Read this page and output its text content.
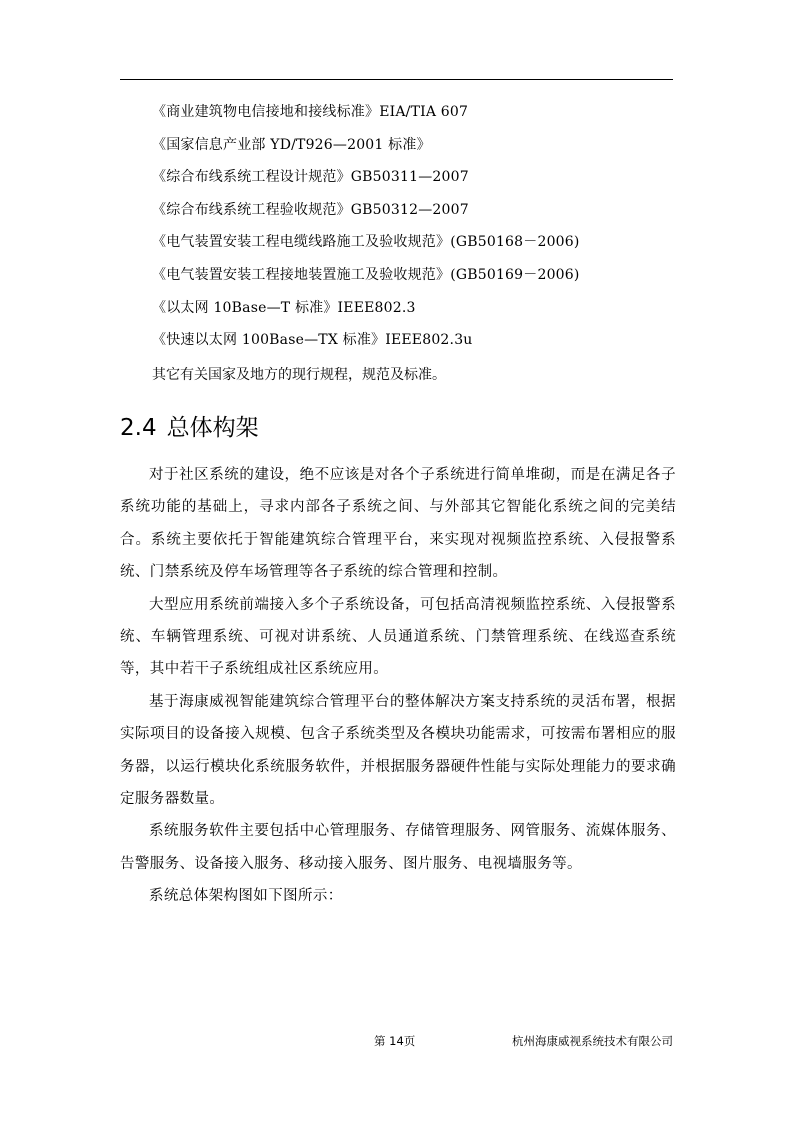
《商业建筑物电信接地和接线标准》EIA/TIA 607
《国家信息产业部 YD/T926—2001 标准》
《综合布线系统工程设计规范》GB50311—2007
《综合布线系统工程验收规范》GB50312—2007
《电气装置安装工程电缆线路施工及验收规范》(GB50168－2006)
《电气装置安装工程接地装置施工及验收规范》(GB50169－2006)
《以太网 10Base—T 标准》IEEE802.3
《快速以太网 100Base—TX 标准》IEEE802.3u
其它有关国家及地方的现行规程，规范及标准。
2.4 总体构架

对于社区系统的建设，绝不应该是对各个子系统进行简单堆砌，而是在满足各子系统功能的基础上，寻求内部各子系统之间、与外部其它智能化系统之间的完美结合。系统主要依托于智能建筑综合管理平台，来实现对视频监控系统、入侵报警系统、门禁系统及停车场管理等各子系统的综合管理和控制。

大型应用系统前端接入多个子系统设备，可包括高清视频监控系统、入侵报警系统、车辆管理系统、可视对讲系统、人员通道系统、门禁管理系统、在线巡查系统等，其中若干子系统组成社区系统应用。

基于海康威视智能建筑综合管理平台的整体解决方案支持系统的灵活布署，根据实际项目的设备接入规模、包含子系统类型及各模块功能需求，可按需布署相应的服务器，以运行模块化系统服务软件，并根据服务器硬件性能与实际处理能力的要求确定服务器数量。

系统服务软件主要包括中心管理服务、存储管理服务、网管服务、流媒体服务、告警服务、设备接入服务、移动接入服务、图片服务、电视墙服务等。

系统总体架构图如下图所示：

第 14页	杭州海康威视系统技术有限公司
